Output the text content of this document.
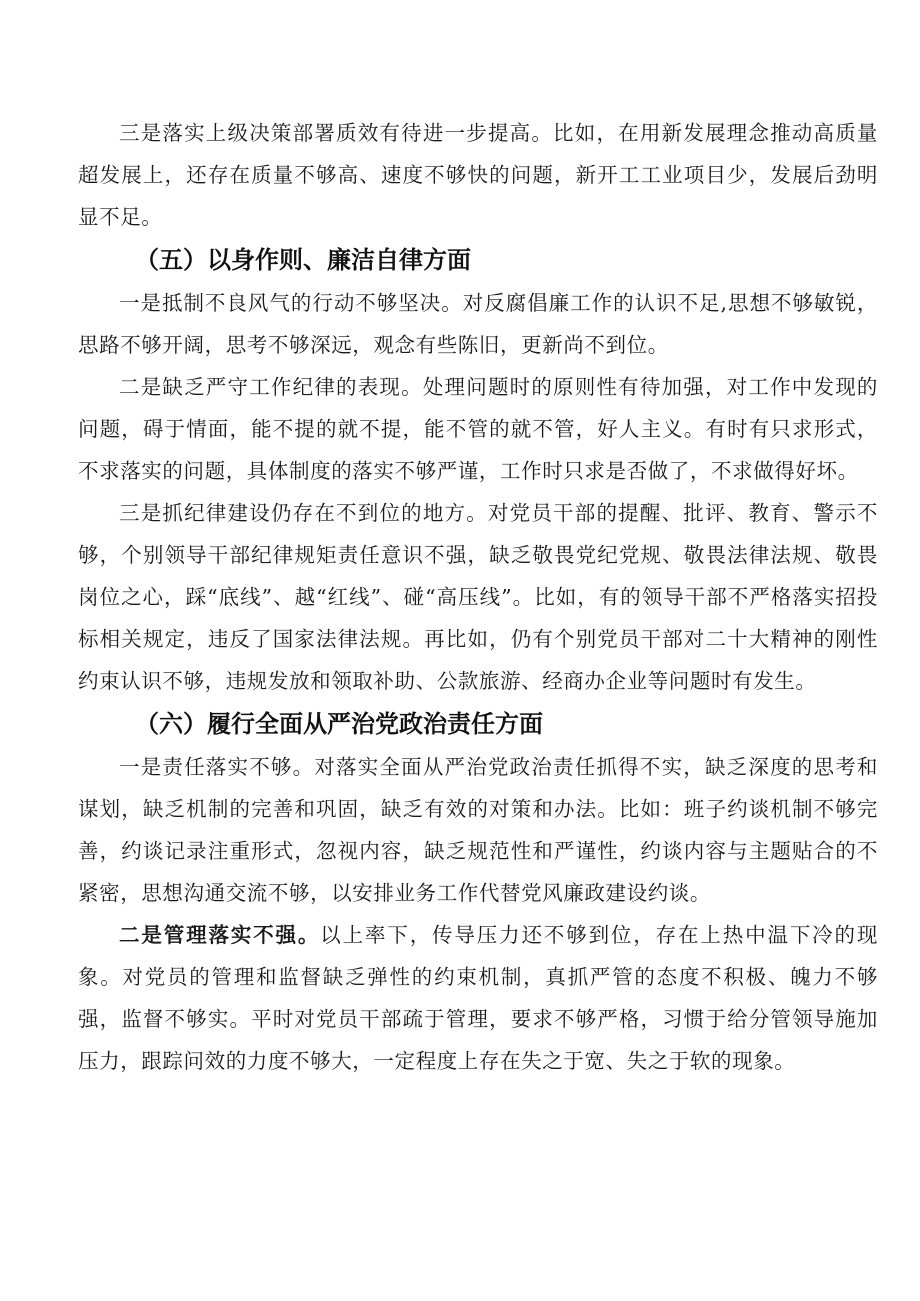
三是落实上级决策部署质效有待进一步提高。比如，在用新发展理念推动高质量超发展上，还存在质量不够高、速度不够快的问题，新开工工业项目少，发展后劲明显不足。

（五）以身作则、廉洁自律方面

一是抵制不良风气的行动不够坚决。对反腐倡廉工作的认识不足,思想不够敏锐，思路不够开阔，思考不够深远，观念有些陈旧，更新尚不到位。

二是缺乏严守工作纪律的表现。处理问题时的原则性有待加强，对工作中发现的问题，碍于情面，能不提的就不提，能不管的就不管，好人主义。有时有只求形式，不求落实的问题，具体制度的落实不够严谨，工作时只求是否做了，不求做得好坏。

三是抓纪律建设仍存在不到位的地方。对党员干部的提醒、批评、教育、警示不够，个别领导干部纪律规矩责任意识不强，缺乏敬畏党纪党规、敬畏法律法规、敬畏岗位之心，踩“底线”、越“红线”、碰“高压线”。比如，有的领导干部不严格落实招投标相关规定，违反了国家法律法规。再比如，仍有个别党员干部对二十大精神的刚性约束认识不够，违规发放和领取补助、公款旅游、经商办企业等问题时有发生。

（六）履行全面从严治党政治责任方面

一是责任落实不够。对落实全面从严治党政治责任抓得不实，缺乏深度的思考和谋划，缺乏机制的完善和巩固，缺乏有效的对策和办法。比如：班子约谈机制不够完善，约谈记录注重形式，忽视内容，缺乏规范性和严谨性，约谈内容与主题贴合的不紧密，思想沟通交流不够，以安排业务工作代替党风廉政建设约谈。

二是管理落实不强。以上率下，传导压力还不够到位，存在上热中温下冷的现象。对党员的管理和监督缺乏弹性的约束机制，真抓严管的态度不积极、魄力不够强，监督不够实。平时对党员干部疏于管理，要求不够严格，习惯于给分管领导施加压力，跟踪问效的力度不够大，一定程度上存在失之于宽、失之于软的现象。
